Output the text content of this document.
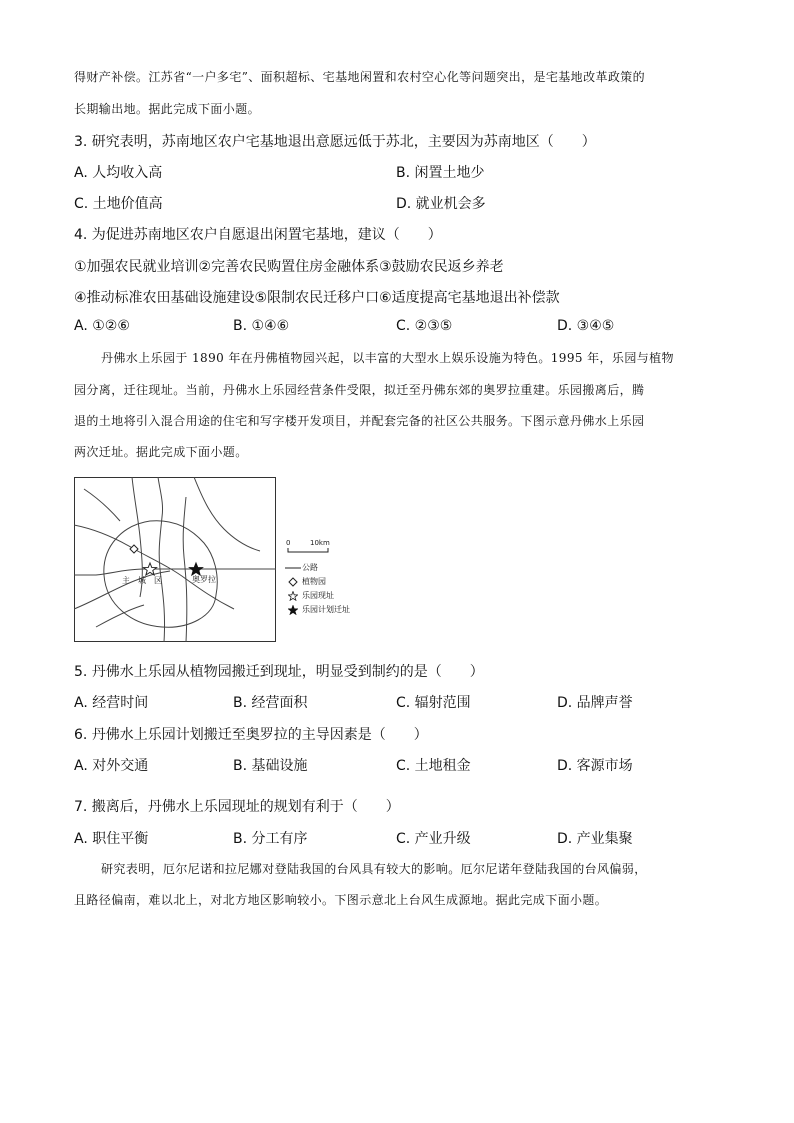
得财产补偿。江苏省“一户多宅”、面积超标、宅基地闲置和农村空心化等问题突出，是宅基地改革政策的
长期输出地。据此完成下面小题。
3. 研究表明，苏南地区农户宅基地退出意愿远低于苏北，主要因为苏南地区（　　）
A. 人均收入高	B. 闲置土地少
C. 土地价值高	D. 就业机会多
4. 为促进苏南地区农户自愿退出闲置宅基地，建议（　　）
①加强农民就业培训②完善农民购置住房金融体系③鼓励农民返乡养老
④推动标准农田基础设施建设⑤限制农民迁移户口⑥适度提高宅基地退出补偿款
A. ①②⑥	B. ①④⑥	C. ②③⑤	D. ③④⑤
丹佛水上乐园于 1890 年在丹佛植物园兴起，以丰富的大型水上娱乐设施为特色。1995 年，乐园与植物
园分离，迁往现址。当前，丹佛水上乐园经营条件受限，拟迁至丹佛东郊的奥罗拉重建。乐园搬离后，腾
退的土地将引入混合用途的住宅和写字楼开发项目，并配套完备的社区公共服务。下图示意丹佛水上乐园
两次迁址。据此完成下面小题。
主　城　区	奥罗拉
0	10km
公路
植物园
乐园现址
乐园计划迁址
5. 丹佛水上乐园从植物园搬迁到现址，明显受到制约的是（　　）
A. 经营时间	B. 经营面积	C. 辐射范围	D. 品牌声誉
6. 丹佛水上乐园计划搬迁至奥罗拉的主导因素是（　　）
A. 对外交通	B. 基础设施	C. 土地租金	D. 客源市场
7. 搬离后，丹佛水上乐园现址的规划有利于（　　）
A. 职住平衡	B. 分工有序	C. 产业升级	D. 产业集聚
研究表明，厄尔尼诺和拉尼娜对登陆我国的台风具有较大的影响。厄尔尼诺年登陆我国的台风偏弱，
且路径偏南，难以北上，对北方地区影响较小。下图示意北上台风生成源地。据此完成下面小题。
